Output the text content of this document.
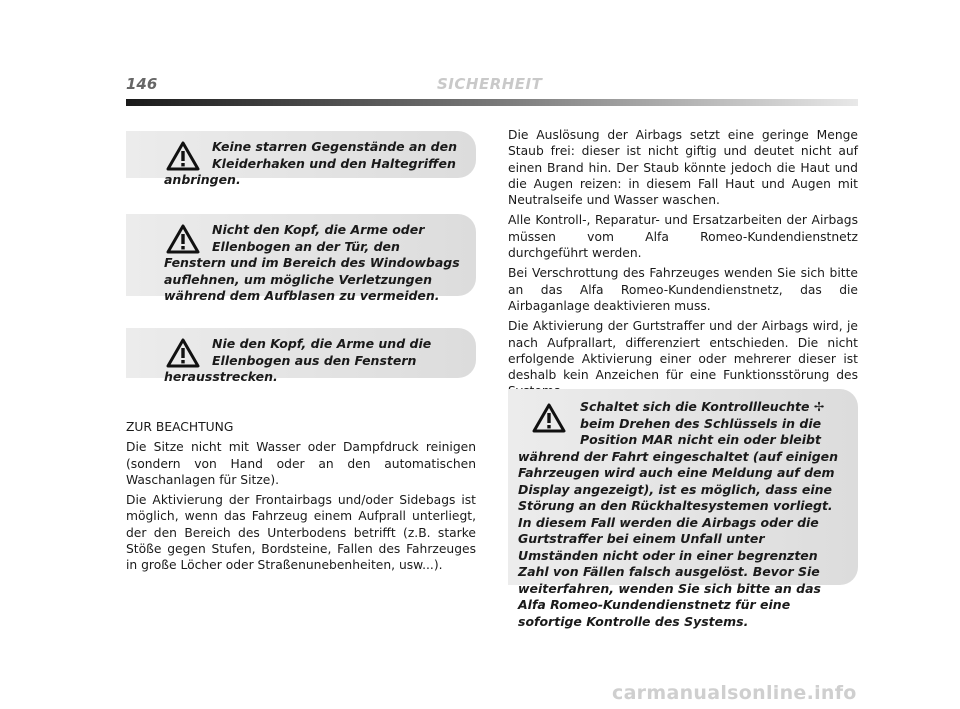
146	SICHERHEIT
Keine starren Gegenstände an den Kleiderhaken und den Haltegriffen anbringen.
Nicht den Kopf, die Arme oder Ellenbogen an der Tür, den Fenstern und im Bereich des Windowbags auflehnen, um mögliche Verletzungen während dem Aufblasen zu vermeiden.
Nie den Kopf, die Arme und die Ellenbogen aus den Fenstern herausstrecken.

ZUR BEACHTUNG

Die Sitze nicht mit Wasser oder Dampfdruck reinigen (sondern von Hand oder an den automatischen Waschanlagen für Sitze).

Die Aktivierung der Frontairbags und/oder Sidebags ist möglich, wenn das Fahrzeug einem Aufprall unterliegt, der den Bereich des Unterbodens betrifft (z.B. starke Stöße gegen Stufen, Bordsteine, Fallen des Fahrzeuges in große Löcher oder Straßenunebenheiten, usw...).

Die Auslösung der Airbags setzt eine geringe Menge Staub frei: dieser ist nicht giftig und deutet nicht auf einen Brand hin. Der Staub könnte jedoch die Haut und die Augen reizen: in diesem Fall Haut und Augen mit Neutralseife und Wasser waschen.

Alle Kontroll-, Reparatur- und Ersatzarbeiten der Airbags müssen vom Alfa Romeo-Kundendienstnetz durchgeführt werden.

Bei Verschrottung des Fahrzeuges wenden Sie sich bitte an das Alfa Romeo-Kundendienstnetz, das die Airbaganlage deaktivieren muss.

Die Aktivierung der Gurtstraffer und der Airbags wird, je nach Aufprallart, differenziert entschieden. Die nicht erfolgende Aktivierung einer oder mehrerer dieser ist deshalb kein Anzeichen für eine Funktionsstörung des

Schaltet sich die Kontrollleuchte ✢ beim Drehen des Schlüssels in die Position MAR nicht ein oder bleibt während der Fahrt eingeschaltet (auf einigen Fahrzeugen wird auch eine Meldung auf dem Display angezeigt), ist es möglich, dass eine Störung an den Rückhaltesystemen vorliegt. In diesem Fall werden die Airbags oder die Gurtstraffer bei einem Unfall unter Umständen nicht oder in einer begrenzten Zahl von Fällen falsch ausgelöst. Bevor Sie weiterfahren, wenden Sie sich bitte an das Alfa Romeo-Kundendienstnetz für eine sofortige Kontrolle des Systems.
carmanualsonline.info
